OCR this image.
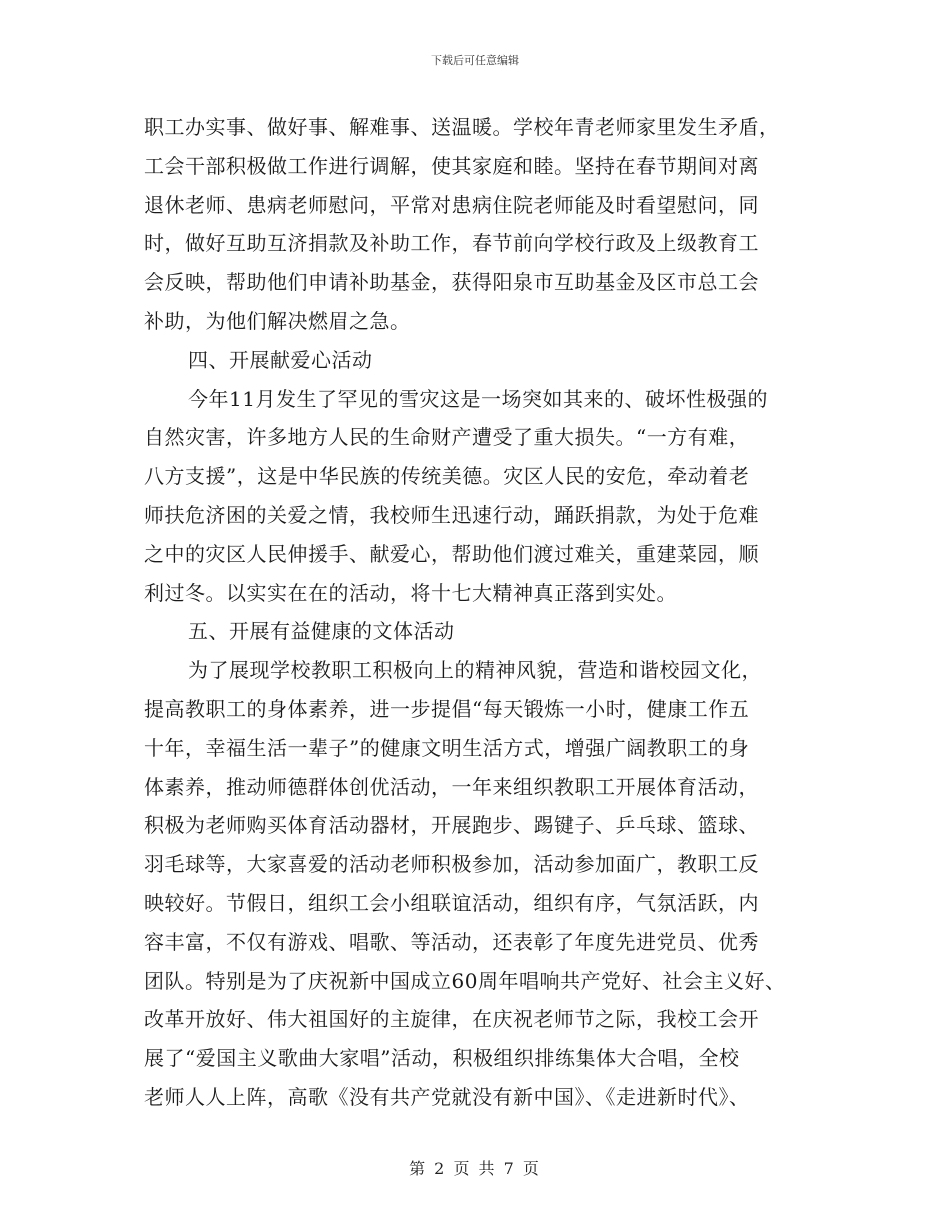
下载后可任意编辑
职工办实事、做好事、解难事、送温暖。学校年青老师家里发生矛盾，
工会干部积极做工作进行调解，使其家庭和睦。坚持在春节期间对离
退休老师、患病老师慰问，平常对患病住院老师能及时看望慰问，同
时，做好互助互济捐款及补助工作，春节前向学校行政及上级教育工
会反映，帮助他们申请补助基金，获得阳泉市互助基金及区市总工会
补助，为他们解决燃眉之急。
四、开展献爱心活动
今年11月发生了罕见的雪灾这是一场突如其来的、破坏性极强的
自然灾害，许多地方人民的生命财产遭受了重大损失。“一方有难，
八方支援”，这是中华民族的传统美德。灾区人民的安危，牵动着老
师扶危济困的关爱之情，我校师生迅速行动，踊跃捐款，为处于危难
之中的灾区人民伸援手、献爱心，帮助他们渡过难关，重建菜园，顺
利过冬。以实实在在的活动，将十七大精神真正落到实处。
五、开展有益健康的文体活动
为了展现学校教职工积极向上的精神风貌，营造和谐校园文化，
提高教职工的身体素养，进一步提倡“每天锻炼一小时，健康工作五
十年，幸福生活一辈子”的健康文明生活方式，增强广阔教职工的身
体素养，推动师德群体创优活动，一年来组织教职工开展体育活动，
积极为老师购买体育活动器材，开展跑步、踢键子、乒乓球、篮球、
羽毛球等，大家喜爱的活动老师积极参加，活动参加面广，教职工反
映较好。节假日，组织工会小组联谊活动，组织有序，气氛活跃，内
容丰富，不仅有游戏、唱歌、等活动，还表彰了年度先进党员、优秀
团队。特别是为了庆祝新中国成立60周年唱响共产党好、社会主义好、
改革开放好、伟大祖国好的主旋律，在庆祝老师节之际，我校工会开
展了“爱国主义歌曲大家唱”活动，积极组织排练集体大合唱，全校
老师人人上阵，高歌《没有共产党就没有新中国》、《走进新时代》、
第 2 页 共 7 页
